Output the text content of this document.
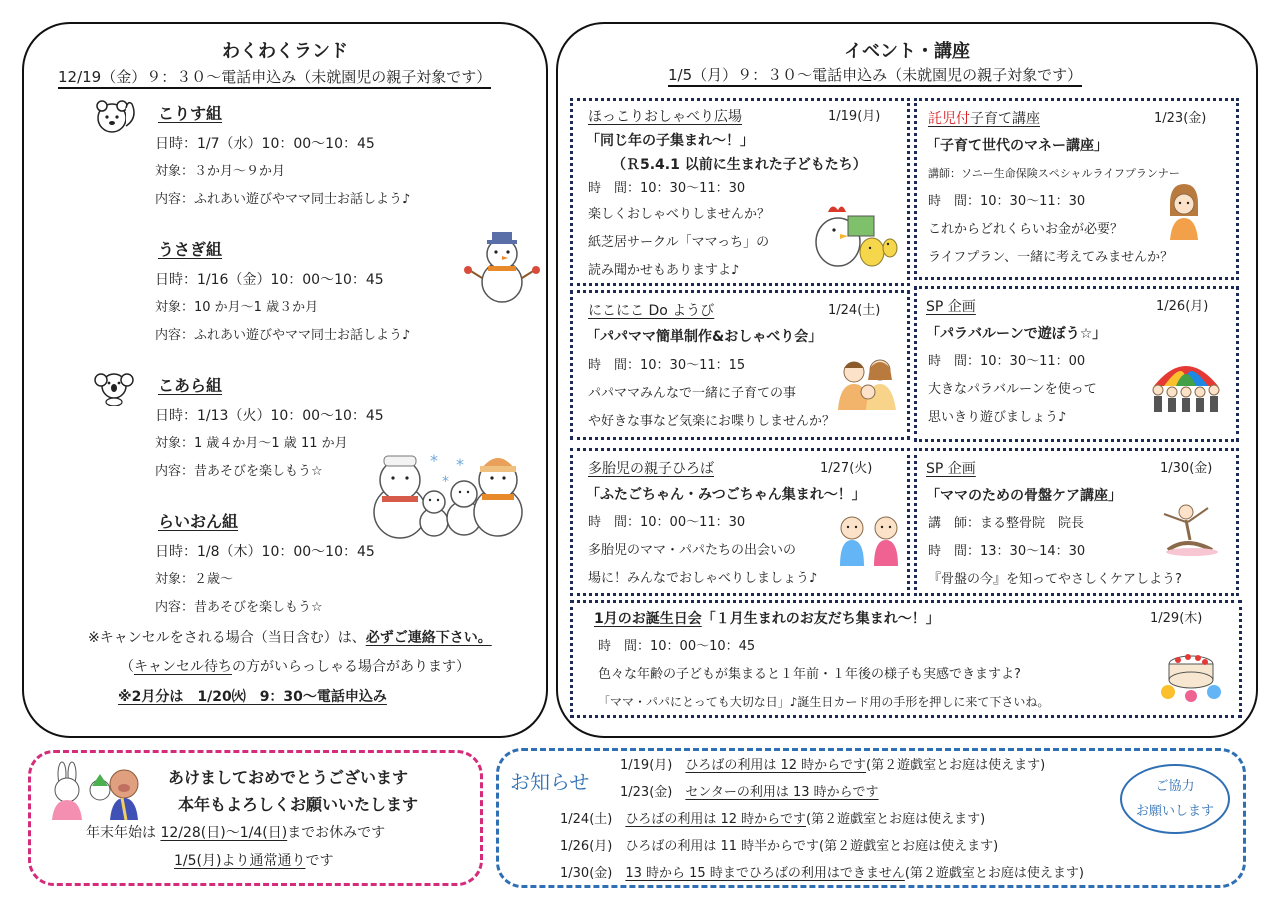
わくわくランド
12/19（金）９：３０～電話申込み（未就園児の親子対象です）
こりす組
日時：1/7（水）10：00～10：45
対象：３か月～９か月
内容：ふれあい遊びやママ同士お話しよう♪
うさぎ組
日時：1/16（金）10：00～10：45
対象：10 か月～1 歳３か月
内容：ふれあい遊びやママ同士お話しよう♪
こあら組
日時：1/13（火）10：00～10：45
対象：1 歳４か月～1 歳 11 か月
内容：昔あそびを楽しもう☆
* *
*
らいおん組
日時：1/8（木）10：00～10：45
対象：２歳～
内容：昔あそびを楽しもう☆
※キャンセルをされる場合（当日含む）は、必ずご連絡下さい。
（キャンセル待ちの方がいらっしゃる場合があります）
※2月分は　1/20㈫　9：30～電話申込み
イベント・講座
1/5（月）９：３０～電話申込み（未就園児の親子対象です）
ほっこりおしゃべり広場	1/19(月)
「同じ年の子集まれ～！」
（Ｒ5.4.1 以前に生まれた子どもたち）
時　間：10：30～11：30
楽しくおしゃべりしませんか？
紙芝居サークル「ママっち」の
読み聞かせもありますよ♪
託児付子育て講座	1/23(金)
「子育て世代のマネー講座」
講師：ソニー生命保険スペシャルライフプランナー
時　間：10：30～11：30
これからどれくらいお金が必要？
ライフプラン、一緒に考えてみませんか？
にこにこ Do ようび	1/24(土)
「パパママ簡単制作&おしゃべり会」
時　間：10：30～11：15
パパママみんなで一緒に子育ての事
や好きな事など気楽にお喋りしませんか？
SP 企画	1/26(月)
「パラバルーンで遊ぼう☆」
時　間：10：30～11：00
大きなパラバルーンを使って
思いきり遊びましょう♪
多胎児の親子ひろば	1/27(火)
「ふたごちゃん・みつごちゃん集まれ～！」
時　間：10：00～11：30
多胎児のママ・パパたちの出会いの
場に！みんなでおしゃべりしましょう♪
SP 企画	1/30(金)
「ママのための骨盤ケア講座」
講　師：まる整骨院　院長
時　間：13：30～14：30
『骨盤の今』を知ってやさしくケアしよう?
1月のお誕生日会「１月生まれのお友だち集まれ～！」	1/29(木)
時　間：10：00～10：45
色々な年齢の子どもが集まると１年前・１年後の様子も実感できますよ?
「ママ・パパにとっても大切な日」♪誕生日カード用の手形を押しに来て下さいね。
あけましておめでとうございます
本年もよろしくお願いいたします
年末年始は 12/28(日)～1/4(日)までお休みです
1/5(月)より通常通りです
お知らせ	ご協力
お願いします
1/19(月)　 ひろばの利用は 12 時からです(第２遊戯室とお庭は使えます)
1/23(金)　 センターの利用は 13 時からです
1/24(土)　 ひろばの利用は 12 時からです(第２遊戯室とお庭は使えます)
1/26(月)　 ひろばの利用は 11 時半からです(第２遊戯室とお庭は使えます)
1/30(金)　 13 時から 15 時までひろばの利用はできません(第２遊戯室とお庭は使えます)
